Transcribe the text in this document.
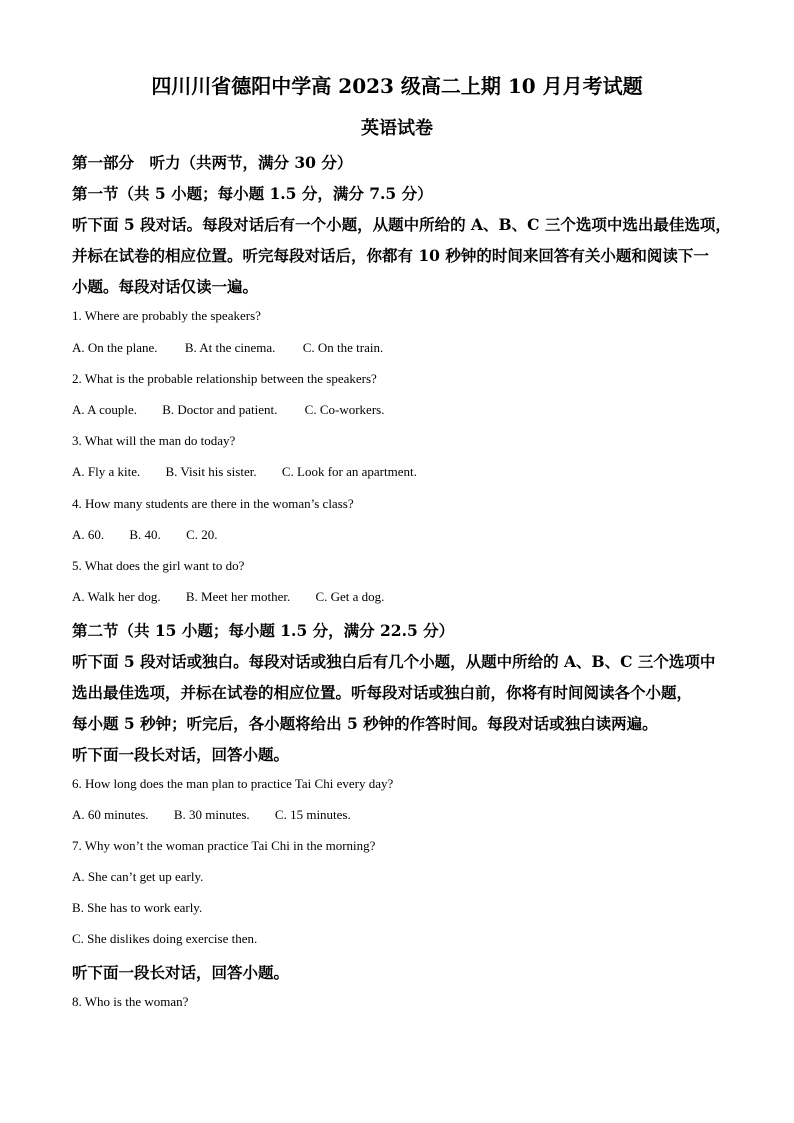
四川川省德阳中学高 2023 级高二上期 10 月月考试题
英语试卷
第一部分　听力（共两节，满分 30 分）
第一节（共 5 小题；每小题 1.5 分，满分 7.5 分）
听下面 5 段对话。每段对话后有一个小题，从题中所给的 A、B、C 三个选项中选出最佳选项，
并标在试卷的相应位置。听完每段对话后，你都有 10 秒钟的时间来回答有关小题和阅读下一
小题。每段对话仅读一遍。
1. Where are probably the speakers?
A. On the plane. B. At the cinema. C. On the train.
2. What is the probable relationship between the speakers?
A. A couple. B. Doctor and patient. C. Co-workers.
3. What will the man do today?
A. Fly a kite. B. Visit his sister. C. Look for an apartment.
4. How many students are there in the woman’s class?
A. 60. B. 40. C. 20.
5. What does the girl want to do?
A. Walk her dog. B. Meet her mother. C. Get a dog.
第二节（共 15 小题；每小题 1.5 分，满分 22.5 分）
听下面 5 段对话或独白。每段对话或独白后有几个小题，从题中所给的 A、B、C 三个选项中
选出最佳选项，并标在试卷的相应位置。听每段对话或独白前，你将有时间阅读各个小题，
每小题 5 秒钟；听完后，各小题将给出 5 秒钟的作答时间。每段对话或独白读两遍。
听下面一段长对话，回答小题。
6. How long does the man plan to practice Tai Chi every day?
A. 60 minutes. B. 30 minutes. C. 15 minutes.
7. Why won’t the woman practice Tai Chi in the morning?
A. She can’t get up early.
B. She has to work early.
C. She dislikes doing exercise then.
听下面一段长对话，回答小题。
8. Who is the woman?
